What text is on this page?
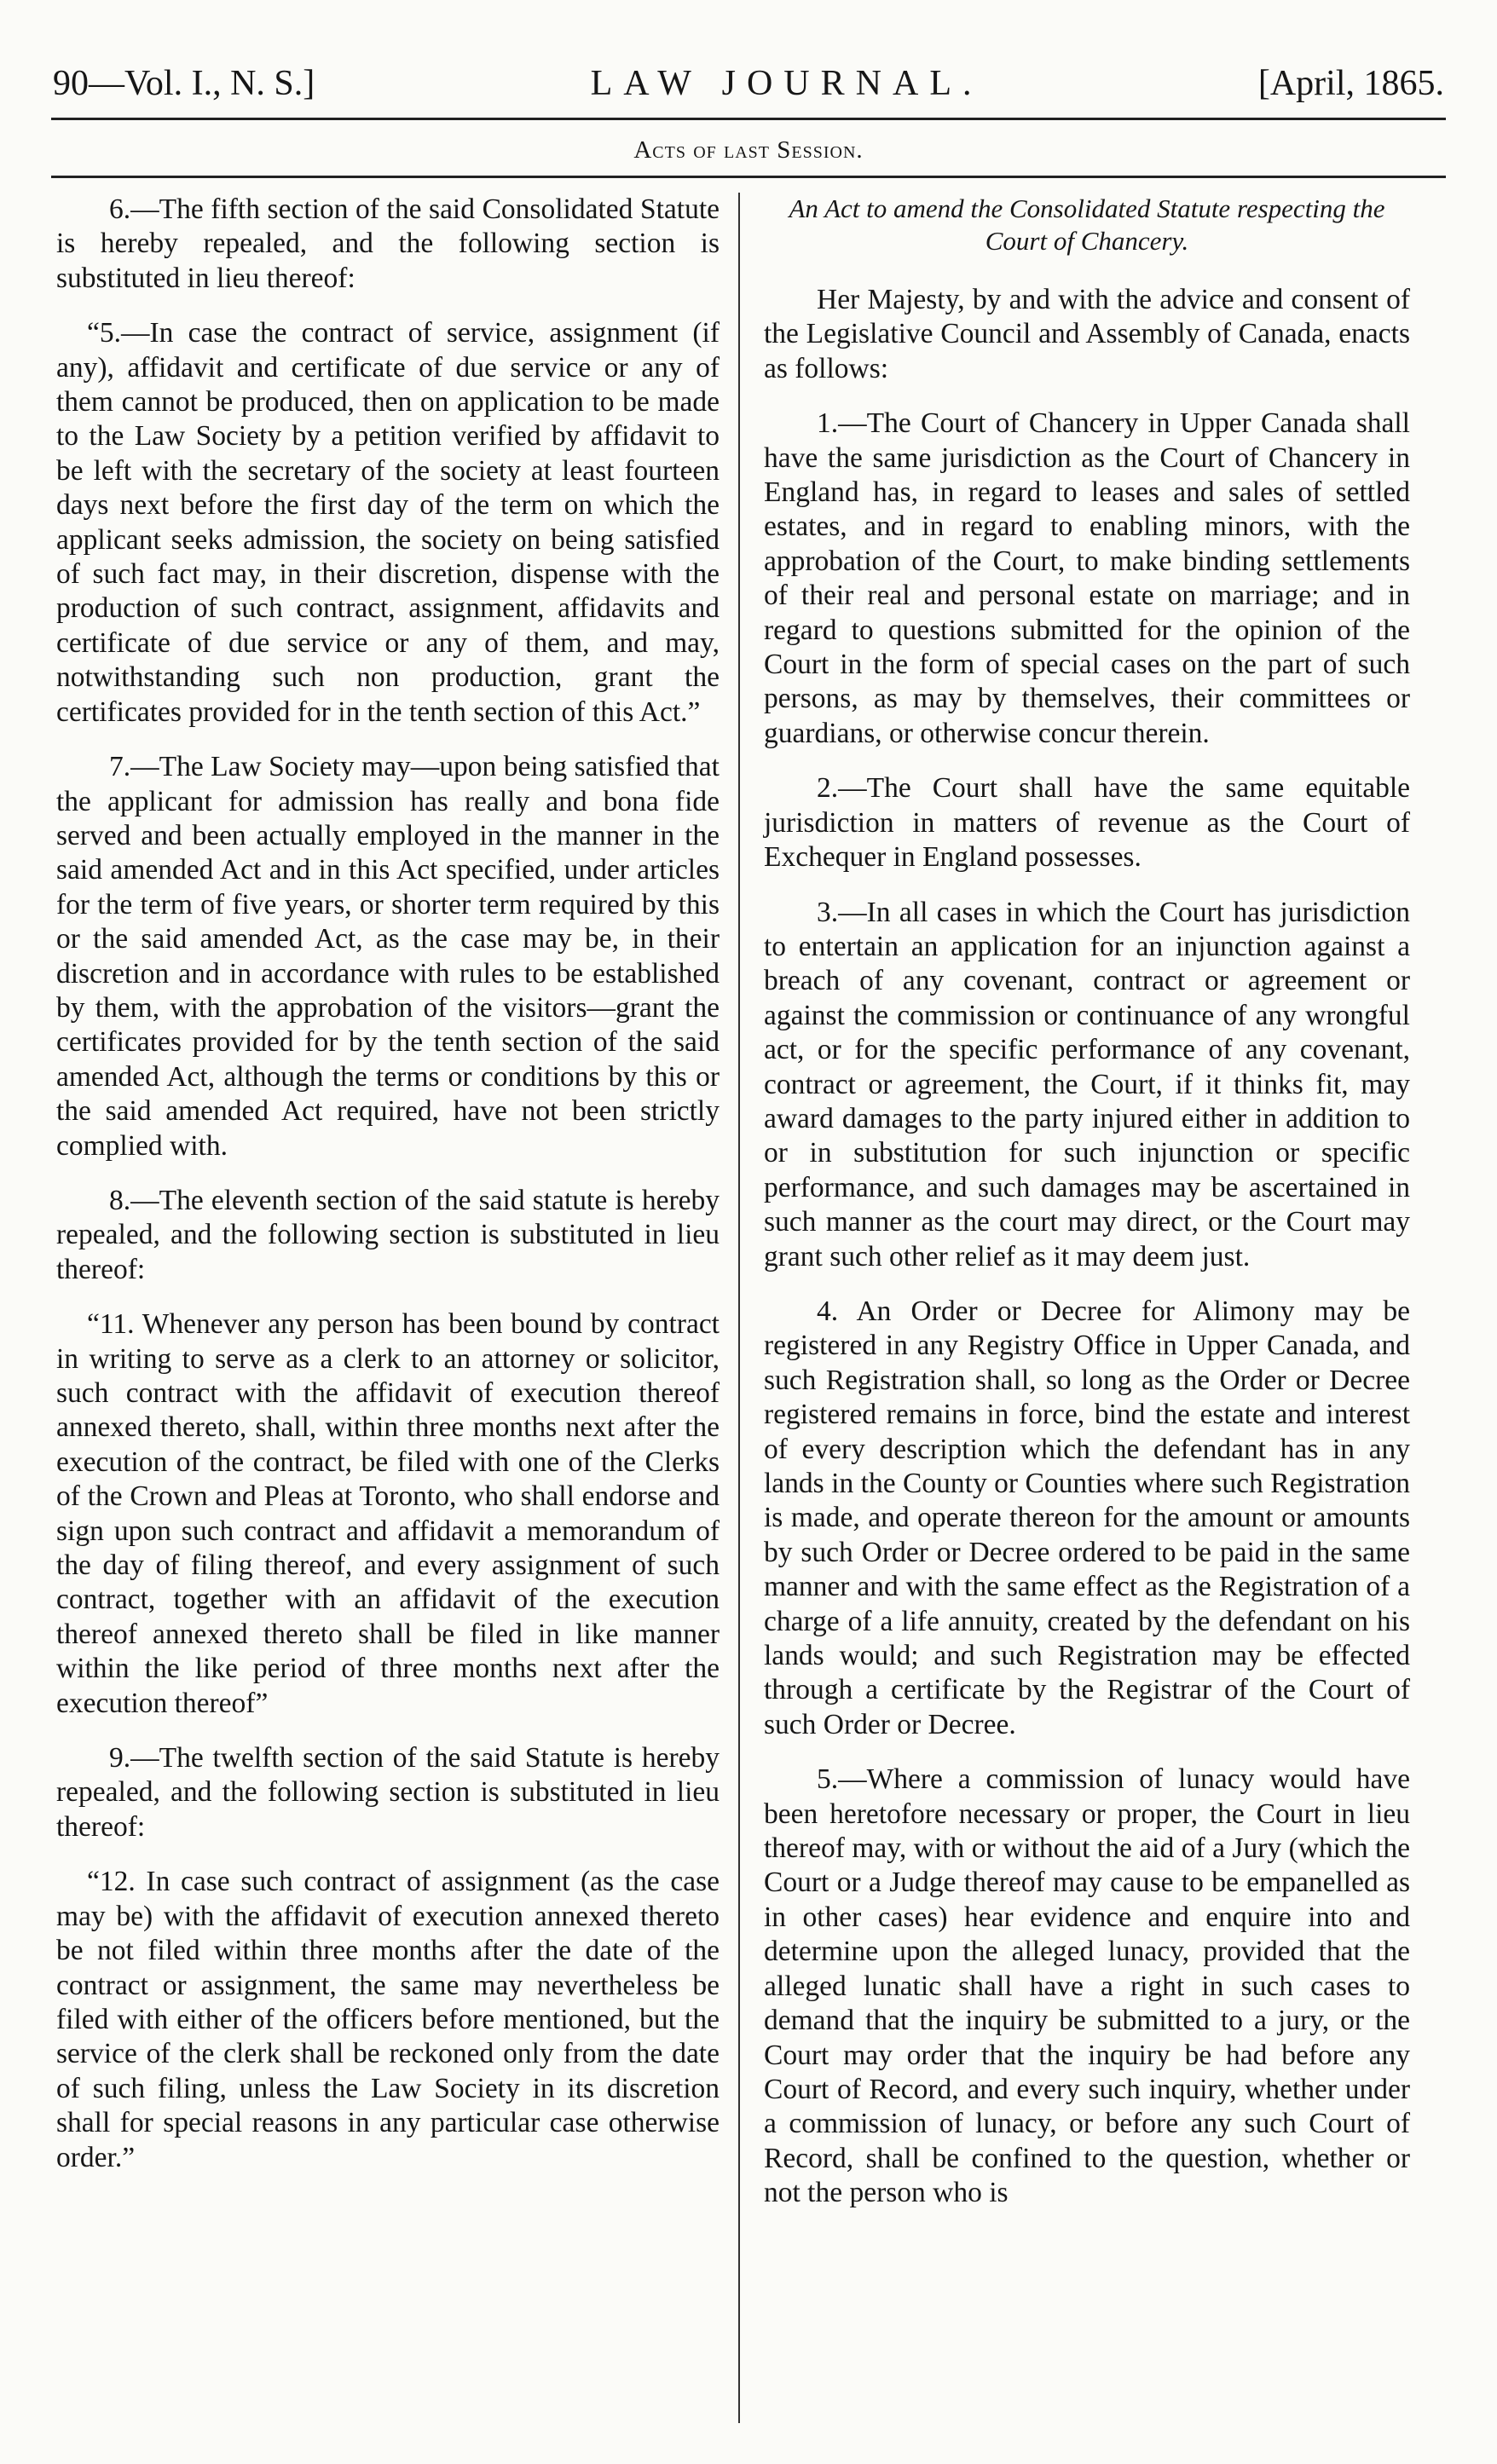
90—Vol. I., N. S.]	LAW JOURNAL.	[April, 1865.
Acts of last Session.

6.—The fifth section of the said Consolidated Statute is hereby repealed, and the following section is substituted in lieu thereof:

“5.—In case the contract of service, assignment (if any), affidavit and certificate of due service or any of them cannot be produced, then on application to be made to the Law Society by a petition verified by affidavit to be left with the secretary of the society at least fourteen days next before the first day of the term on which the applicant seeks admission, the society on being satisfied of such fact may, in their discretion, dispense with the production of such contract, assignment, affidavits and certificate of due service or any of them, and may, notwithstanding such non production, grant the certificates provided for in the tenth section of this Act.”

7.—The Law Society may—upon being satisfied that the applicant for admission has really and bona fide served and been actually employed in the manner in the said amended Act and in this Act specified, under articles for the term of five years, or shorter term required by this or the said amended Act, as the case may be, in their discretion and in accordance with rules to be established by them, with the approbation of the visitors—grant the certificates provided for by the tenth section of the said amended Act, although the terms or conditions by this or the said amended Act required, have not been strictly complied with.

8.—The eleventh section of the said statute is hereby repealed, and the following section is substituted in lieu thereof:

“11. Whenever any person has been bound by contract in writing to serve as a clerk to an attorney or solicitor, such contract with the affidavit of execution thereof annexed thereto, shall, within three months next after the execution of the contract, be filed with one of the Clerks of the Crown and Pleas at Toronto, who shall endorse and sign upon such contract and affidavit a memorandum of the day of filing thereof, and every assignment of such contract, together with an affidavit of the execution thereof annexed thereto shall be filed in like manner within the like period of three months next after the execution thereof”

9.—The twelfth section of the said Statute is hereby repealed, and the following section is substituted in lieu thereof:

“12. In case such contract of assignment (as the case may be) with the affidavit of execution annexed thereto be not filed within three months after the date of the contract or assignment, the same may nevertheless be filed with either of the officers before mentioned, but the service of the clerk shall be reckoned only from the date of such filing, unless the Law Society in its discretion shall for special reasons in any particular case otherwise order.”

An Act to amend the Consolidated Statute respecting the Court of Chancery.

Her Majesty, by and with the advice and consent of the Legislative Council and Assembly of Canada, enacts as follows:

1.—The Court of Chancery in Upper Canada shall have the same jurisdiction as the Court of Chancery in England has, in regard to leases and sales of settled estates, and in regard to enabling minors, with the approbation of the Court, to make binding settlements of their real and personal estate on marriage; and in regard to questions submitted for the opinion of the Court in the form of special cases on the part of such persons, as may by themselves, their committees or guardians, or otherwise concur therein.

2.—The Court shall have the same equitable jurisdiction in matters of revenue as the Court of Exchequer in England possesses.

3.—In all cases in which the Court has jurisdiction to entertain an application for an injunction against a breach of any covenant, contract or agreement or against the commission or continuance of any wrongful act, or for the specific performance of any covenant, contract or agreement, the Court, if it thinks fit, may award damages to the party injured either in addition to or in substitution for such injunction or specific performance, and such damages may be ascertained in such manner as the court may direct, or the Court may grant such other relief as it may deem just.

4. An Order or Decree for Alimony may be registered in any Registry Office in Upper Canada, and such Registration shall, so long as the Order or Decree registered remains in force, bind the estate and interest of every description which the defendant has in any lands in the County or Counties where such Registration is made, and operate thereon for the amount or amounts by such Order or Decree ordered to be paid in the same manner and with the same effect as the Registration of a charge of a life annuity, created by the defendant on his lands would; and such Registration may be effected through a certificate by the Registrar of the Court of such Order or Decree.

5.—Where a commission of lunacy would have been heretofore necessary or proper, the Court in lieu thereof may, with or without the aid of a Jury (which the Court or a Judge thereof may cause to be empanelled as in other cases) hear evidence and enquire into and determine upon the alleged lunacy, provided that the alleged lunatic shall have a right in such cases to demand that the inquiry be submitted to a jury, or the Court may order that the inquiry be had before any Court of Record, and every such inquiry, whether under a commission of lunacy, or before any such Court of Record, shall be confined to the question, whether or not the person who is
